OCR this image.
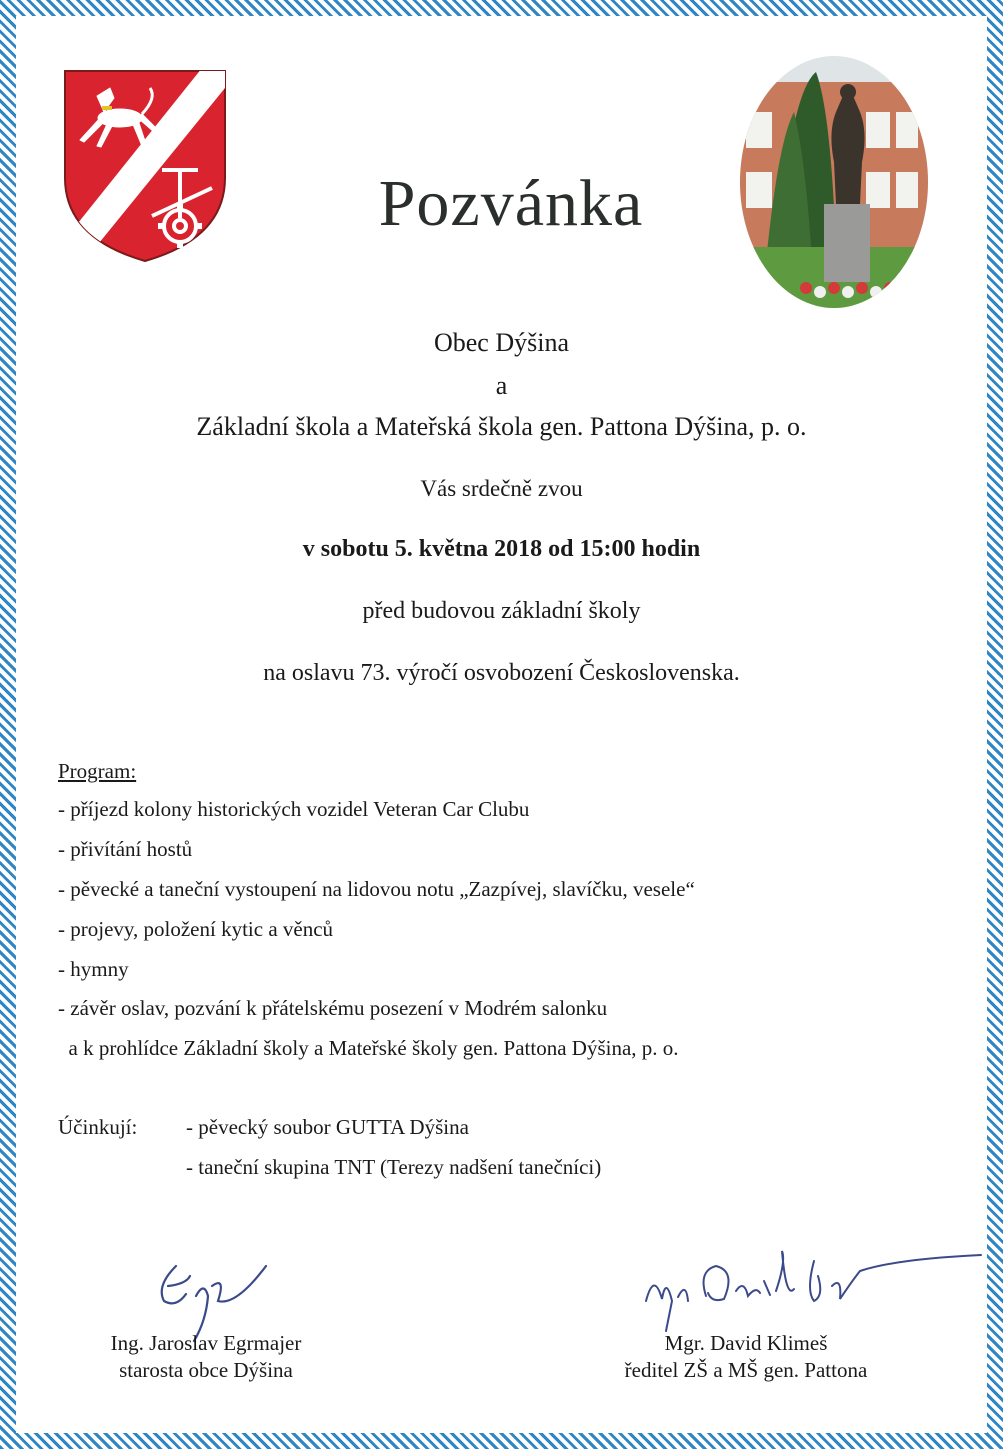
Pozvánka
Obec Dýšina
a
Základní škola a Mateřská škola gen. Pattona Dýšina, p. o.
Vás srdečně zvou
v sobotu 5. května 2018 od 15:00 hodin
před budovou základní školy
na oslavu 73. výročí osvobození Československa.
Program:
- příjezd kolony historických vozidel Veteran Car Clubu
- přivítání hostů
- pěvecké a taneční vystoupení na lidovou notu „Zazpívej, slavíčku, vesele“
- projevy, položení kytic a věnců
- hymny
- závěr oslav, pozvání k přátelskému posezení v Modrém salonku
a k prohlídce Základní školy a Mateřské školy gen. Pattona Dýšina, p. o.
Účinkují: - pěvecký soubor GUTTA Dýšina
- taneční skupina TNT (Terezy nadšení tanečníci)
Ing. Jaroslav Egrmajer
starosta obce Dýšina
Mgr. David Klimeš
ředitel ZŠ a MŠ gen. Pattona
